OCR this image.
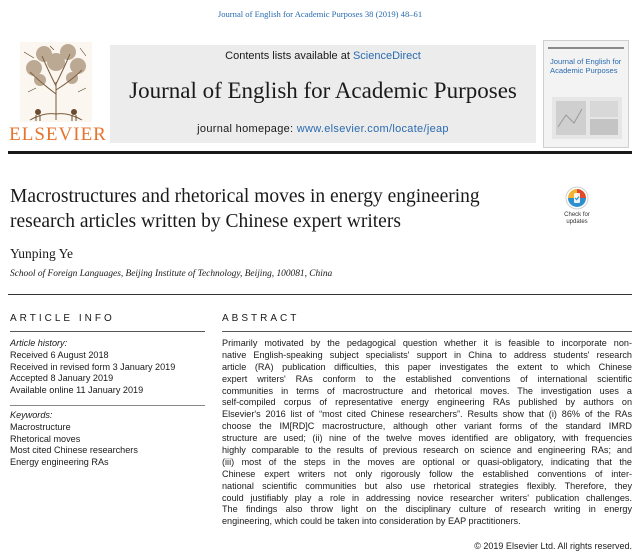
Journal of English for Academic Purposes 38 (2019) 48–61
ELSEVIER
Contents lists available at ScienceDirect
Journal of English for Academic Purposes
journal homepage: www.elsevier.com/locate/jeap
Journal of English for Academic Purposes
Macrostructures and rhetorical moves in energy engineering
research articles written by Chinese expert writers	Check for
updates
Yunping Ye
School of Foreign Languages, Beijing Institute of Technology, Beijing, 100081, China
ARTICLE INFO	ABSTRACT
Article history:
Received 6 August 2018
Received in revised form 3 January 2019
Accepted 8 January 2019
Available online 11 January 2019
Keywords:
Macrostructure
Rhetorical moves
Most cited Chinese researchers
Energy engineering RAs
Primarily motivated by the pedagogical question whether it is feasible to incorporate non-
native English-speaking subject specialists' support in China to address students' research
article (RA) publication difficulties, this paper investigates the extent to which Chinese
expert writers' RAs conform to the established conventions of international scientific
communities in terms of macrostructure and rhetorical moves. The investigation uses a
self-compiled corpus of representative energy engineering RAs published by authors on
Elsevier's 2016 list of “most cited Chinese researchers”. Results show that (i) 86% of the RAs
choose the IM[RD]C macrostructure, although other variant forms of the standard IMRD
structure are used; (ii) nine of the twelve moves identified are obligatory, with frequencies
highly comparable to the results of previous research on science and engineering RAs; and
(iii) most of the steps in the moves are optional or quasi-obligatory, indicating that the
Chinese expert writers not only rigorously follow the established conventions of inter-
national scientific communities but also use rhetorical strategies flexibly. Therefore, they
could justifiably play a role in addressing novice researcher writers' publication challenges.
The findings also throw light on the disciplinary culture of research writing in energy
engineering, which could be taken into consideration by EAP practitioners.
© 2019 Elsevier Ltd. All rights reserved.
